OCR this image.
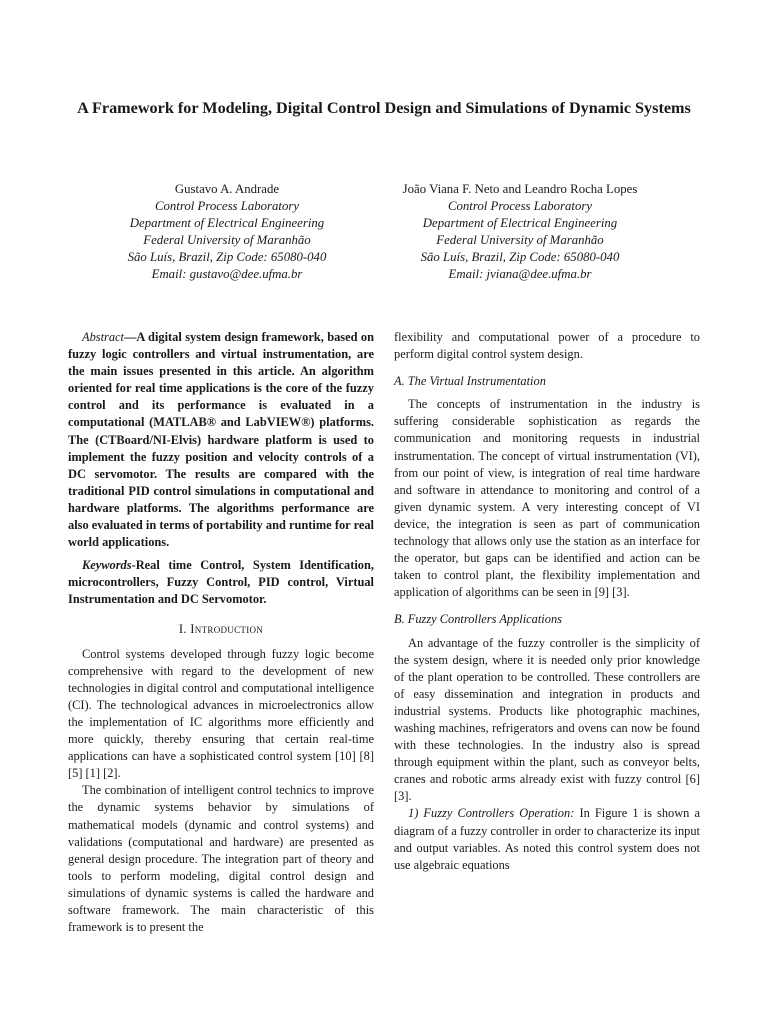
A Framework for Modeling, Digital Control Design and Simulations of Dynamic Systems
Gustavo A. Andrade
Control Process Laboratory
Department of Electrical Engineering
Federal University of Maranhão
São Luís, Brazil, Zip Code: 65080-040
Email: gustavo@dee.ufma.br
João Viana F. Neto and Leandro Rocha Lopes
Control Process Laboratory
Department of Electrical Engineering
Federal University of Maranhão
São Luís, Brazil, Zip Code: 65080-040
Email: jviana@dee.ufma.br

Abstract—A digital system design framework, based on fuzzy logic controllers and virtual instrumentation, are the main issues presented in this article. An algorithm oriented for real time applications is the core of the fuzzy control and its performance is evaluated in a computational (MATLAB® and LabVIEW®) platforms. The (CTBoard/NI-Elvis) hardware platform is used to implement the fuzzy position and velocity controls of a DC servomotor. The results are compared with the traditional PID control simulations in computational and hardware platforms. The algorithms performance are also evaluated in terms of portability and runtime for real world applications.

Keywords-Real time Control, System Identification, microcontrollers, Fuzzy Control, PID control, Virtual Instrumentation and DC Servomotor.

I. Introduction

Control systems developed through fuzzy logic become comprehensive with regard to the development of new technologies in digital control and computational intelligence (CI). The technological advances in microelectronics allow the implementation of IC algorithms more efficiently and more quickly, thereby ensuring that certain real-time applications can have a sophisticated control system [10] [8] [5] [1] [2].

The combination of intelligent control technics to improve the dynamic systems behavior by simulations of mathematical models (dynamic and control systems) and validations (computational and hardware) are presented as general design procedure. The integration part of theory and tools to perform modeling, digital control design and simulations of dynamic systems is called the hardware and software framework. The main characteristic of this framework is to present the

flexibility and computational power of a procedure to perform digital control system design.

A. The Virtual Instrumentation

The concepts of instrumentation in the industry is suffering considerable sophistication as regards the communication and monitoring requests in industrial instrumentation. The concept of virtual instrumentation (VI), from our point of view, is integration of real time hardware and software in attendance to monitoring and control of a given dynamic system. A very interesting concept of VI device, the integration is seen as part of communication technology that allows only use the station as an interface for the operator, but gaps can be identified and action can be taken to control plant, the flexibility implementation and application of algorithms can be seen in [9] [3].

B. Fuzzy Controllers Applications

An advantage of the fuzzy controller is the simplicity of the system design, where it is needed only prior knowledge of the plant operation to be controlled. These controllers are of easy dissemination and integration in products and industrial systems. Products like photographic machines, washing machines, refrigerators and ovens can now be found with these technologies. In the industry also is spread through equipment within the plant, such as conveyor belts, cranes and robotic arms already exist with fuzzy control [6] [3].

1) Fuzzy Controllers Operation: In Figure 1 is shown a diagram of a fuzzy controller in order to characterize its input and output variables. As noted this control system does not use algebraic equations
